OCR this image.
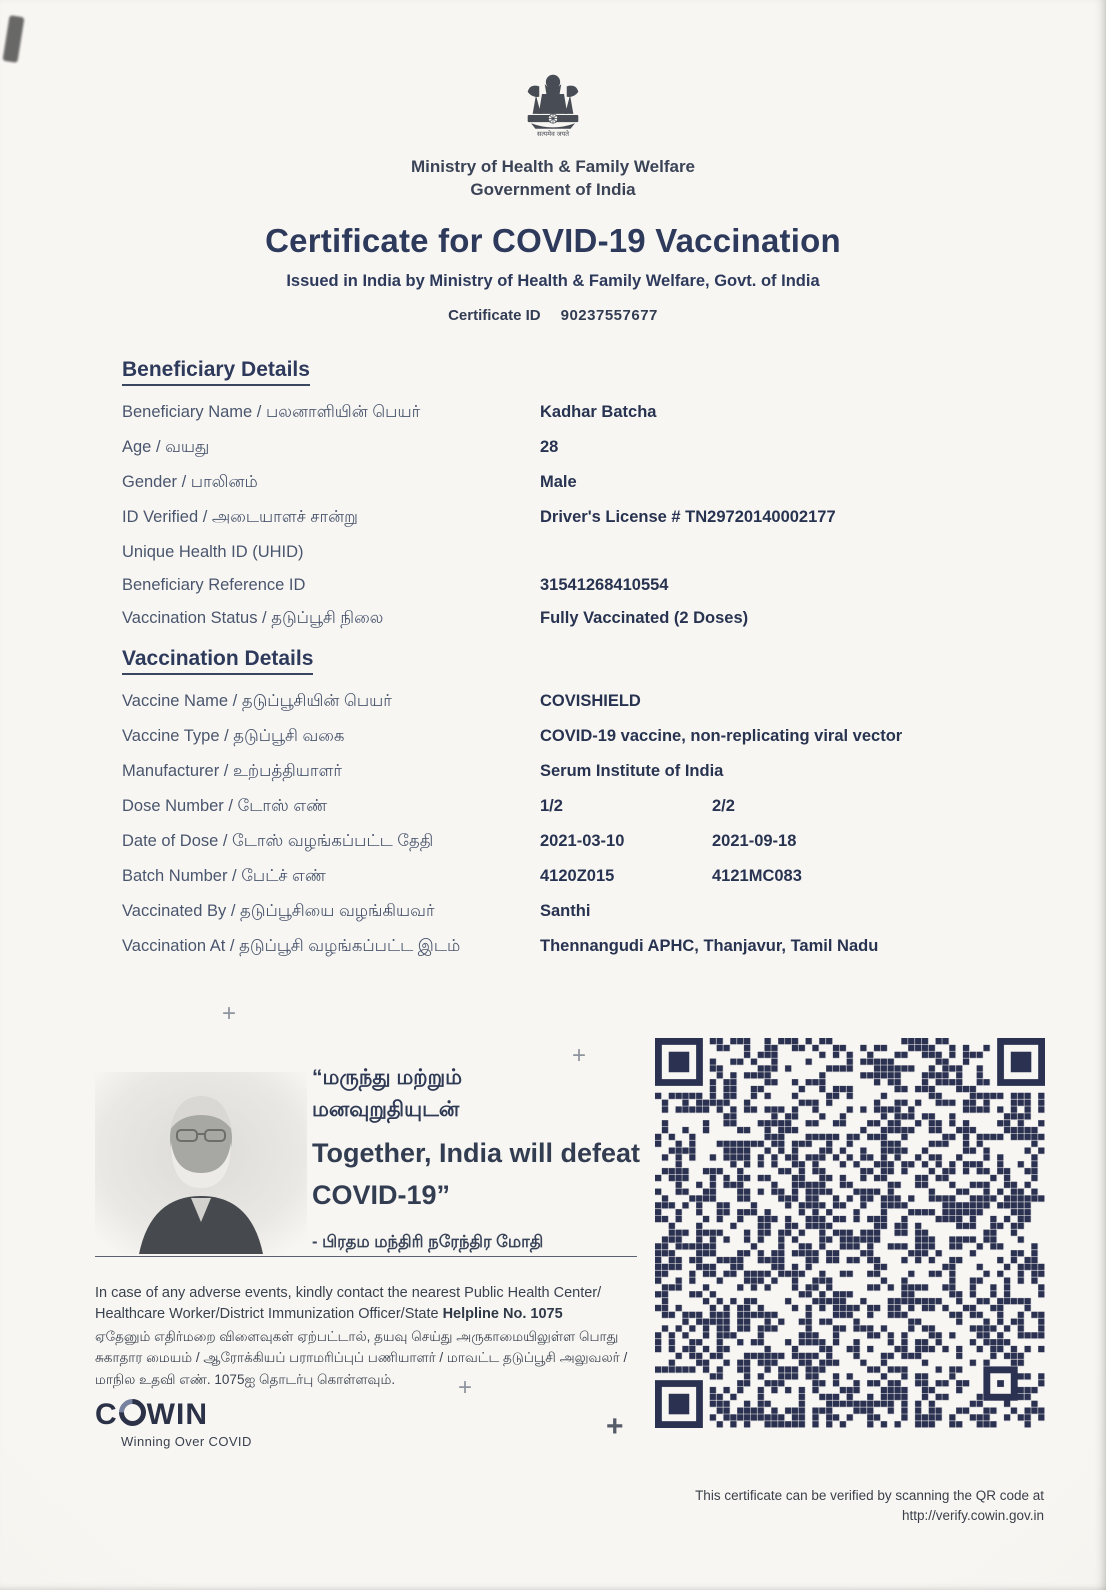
सत्यमेव जयते
Ministry of Health & Family Welfare
Government of India
Certificate for COVID-19 Vaccination
Issued in India by Ministry of Health & Family Welfare, Govt. of India
Certificate ID 90237557677
Beneficiary Details
Beneficiary Name / பலனாளியின் பெயர்	Kadhar Batcha
Age / வயது	28
Gender / பாலினம்	Male
ID Verified / அடையாளச் சான்று	Driver's License # TN29720140002177
Unique Health ID (UHID)
Beneficiary Reference ID	31541268410554
Vaccination Status / தடுப்பூசி நிலை	Fully Vaccinated (2 Doses)
Vaccination Details
Vaccine Name / தடுப்பூசியின் பெயர்	COVISHIELD
Vaccine Type / தடுப்பூசி வகை	COVID-19 vaccine, non-replicating viral vector
Manufacturer / உற்பத்தியாளர்	Serum Institute of India
Dose Number / டோஸ் எண்	1/2	2/2
Date of Dose / டோஸ் வழங்கப்பட்ட தேதி	2021-03-10	2021-09-18
Batch Number / பேட்ச் எண்	4120Z015	4121MC083
Vaccinated By / தடுப்பூசியை வழங்கியவர்	Santhi
Vaccination At / தடுப்பூசி வழங்கப்பட்ட இடம்	Thennangudi APHC, Thanjavur, Tamil Nadu
+
+
+
+
“மருந்து மற்றும்
மனவுறுதியுடன்
Together, India will defeat
COVID-19”
- பிரதம மந்திரி நரேந்திர மோதி

In case of any adverse events, kindly contact the nearest Public Health Center/ Healthcare Worker/District Immunization Officer/State Helpline No. 1075

ஏதேனும் எதிர்மறை விளைவுகள் ஏற்பட்டால், தயவு செய்து அருகாமையிலுள்ள பொது சுகாதார மையம் / ஆரோக்கியப் பராமரிப்புப் பணியாளர் / மாவட்ட தடுப்பூசி அலுவலர் / மாநில உதவி எண். 1075ஐ தொடர்பு கொள்ளவும்.

C WIN
Winning Over COVID
This certificate can be verified by scanning the QR code at
http://verify.cowin.gov.in
